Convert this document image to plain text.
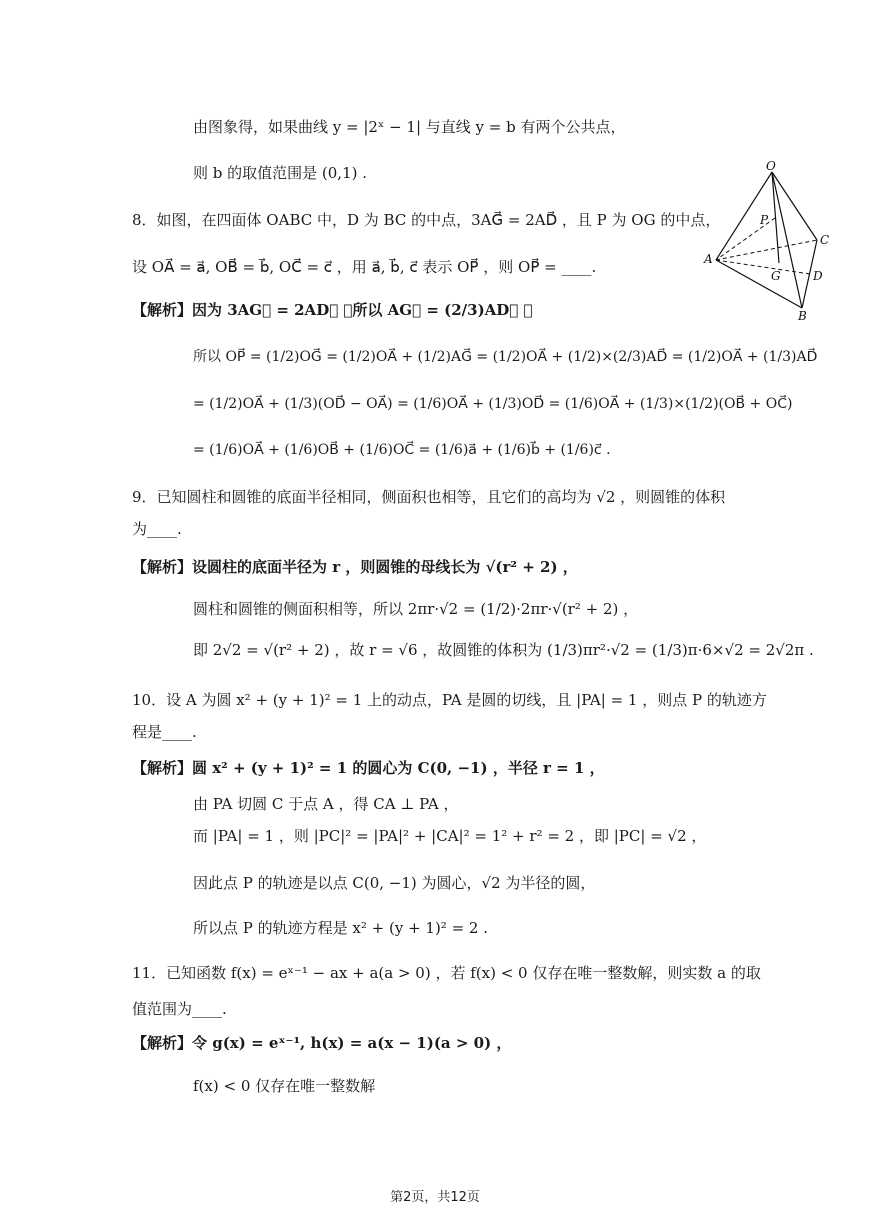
由图象得，如果曲线 y = |2ˣ − 1| 与直线 y = b 有两个公共点，
则 b 的取值范围是 (0,1) .
8．如图，在四面体 OABC 中，D 为 BC 的中点，3AG⃗ = 2AD⃗ ，且 P 为 OG 的中点，
设 OA⃗ = a⃗, OB⃗ = b⃗, OC⃗ = c⃗ ，用 a⃗, b⃗, c⃗ 表示 OP⃗ ，则 OP⃗ = ____.
【解析】因为 3AG⃗ = 2AD⃗ ，所以 AG⃗ = (2/3)AD⃗ ，
所以 OP⃗ = (1/2)OG⃗ = (1/2)OA⃗ + (1/2)AG⃗ = (1/2)OA⃗ + (1/2)×(2/3)AD⃗ = (1/2)OA⃗ + (1/3)AD⃗
= (1/2)OA⃗ + (1/3)(OD⃗ − OA⃗) = (1/6)OA⃗ + (1/3)OD⃗ = (1/6)OA⃗ + (1/3)×(1/2)(OB⃗ + OC⃗)
= (1/6)OA⃗ + (1/6)OB⃗ + (1/6)OC⃗ = (1/6)a⃗ + (1/6)b⃗ + (1/6)c⃗ .
9．已知圆柱和圆锥的底面半径相同，侧面积也相等，且它们的高均为 √2 ，则圆锥的体积
为____.
【解析】设圆柱的底面半径为 r ，则圆锥的母线长为 √(r² + 2) ，
圆柱和圆锥的侧面积相等，所以 2πr·√2 = (1/2)·2πr·√(r² + 2) ，
即 2√2 = √(r² + 2) ，故 r = √6 ，故圆锥的体积为 (1/3)πr²·√2 = (1/3)π·6×√2 = 2√2π .
10．设 A 为圆 x² + (y + 1)² = 1 上的动点，PA 是圆的切线，且 |PA| = 1 ，则点 P 的轨迹方
程是____.
【解析】圆 x² + (y + 1)² = 1 的圆心为 C(0, −1) ，半径 r = 1 ，
由 PA 切圆 C 于点 A ，得 CA ⊥ PA ，
而 |PA| = 1 ，则 |PC|² = |PA|² + |CA|² = 1² + r² = 2 ，即 |PC| = √2 ，
因此点 P 的轨迹是以点 C(0, −1) 为圆心，√2 为半径的圆，
所以点 P 的轨迹方程是 x² + (y + 1)² = 2 .
11．已知函数 f(x) = eˣ⁻¹ − ax + a(a > 0) ，若 f(x) < 0 仅存在唯一整数解，则实数 a 的取
值范围为____.
【解析】令 g(x) = eˣ⁻¹, h(x) = a(x − 1)(a > 0) ，
f(x) < 0 仅存在唯一整数解
O
P
C
A
G	D
B
第2页，共12页
